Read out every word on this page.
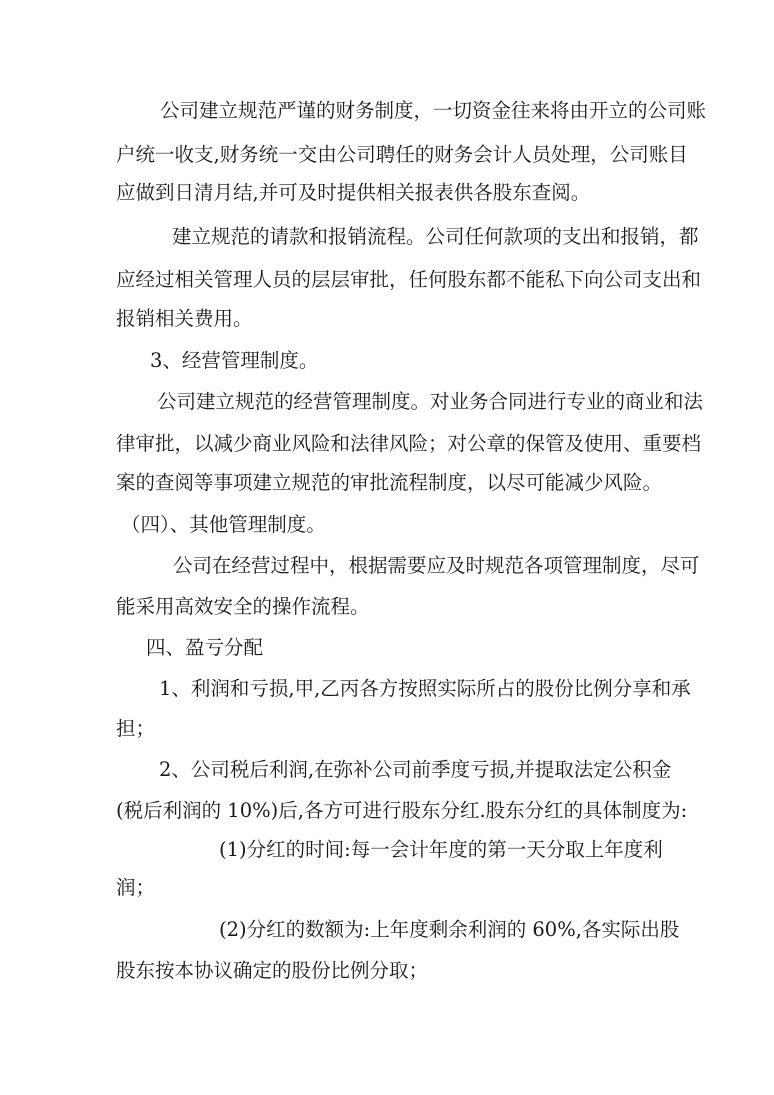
公司建立规范严谨的财务制度，一切资金往来将由开立的公司账
户统一收支,财务统一交由公司聘任的财务会计人员处理，公司账目
应做到日清月结,并可及时提供相关报表供各股东查阅。
建立规范的请款和报销流程。公司任何款项的支出和报销，都
应经过相关管理人员的层层审批，任何股东都不能私下向公司支出和
报销相关费用。
3、经营管理制度。
公司建立规范的经营管理制度。对业务合同进行专业的商业和法
律审批，以减少商业风险和法律风险；对公章的保管及使用、重要档
案的查阅等事项建立规范的审批流程制度，以尽可能减少风险。
（四）、其他管理制度。
公司在经营过程中，根据需要应及时规范各项管理制度，尽可
能采用高效安全的操作流程。
四、盈亏分配
1、利润和亏损,甲,乙丙各方按照实际所占的股份比例分享和承
担；
2、公司税后利润,在弥补公司前季度亏损,并提取法定公积金
(税后利润的 10%)后,各方可进行股东分红.股东分红的具体制度为:
(1)分红的时间:每一会计年度的第一天分取上年度利
润；
(2)分红的数额为:上年度剩余利润的 60%,各实际出股
股东按本协议确定的股份比例分取；
